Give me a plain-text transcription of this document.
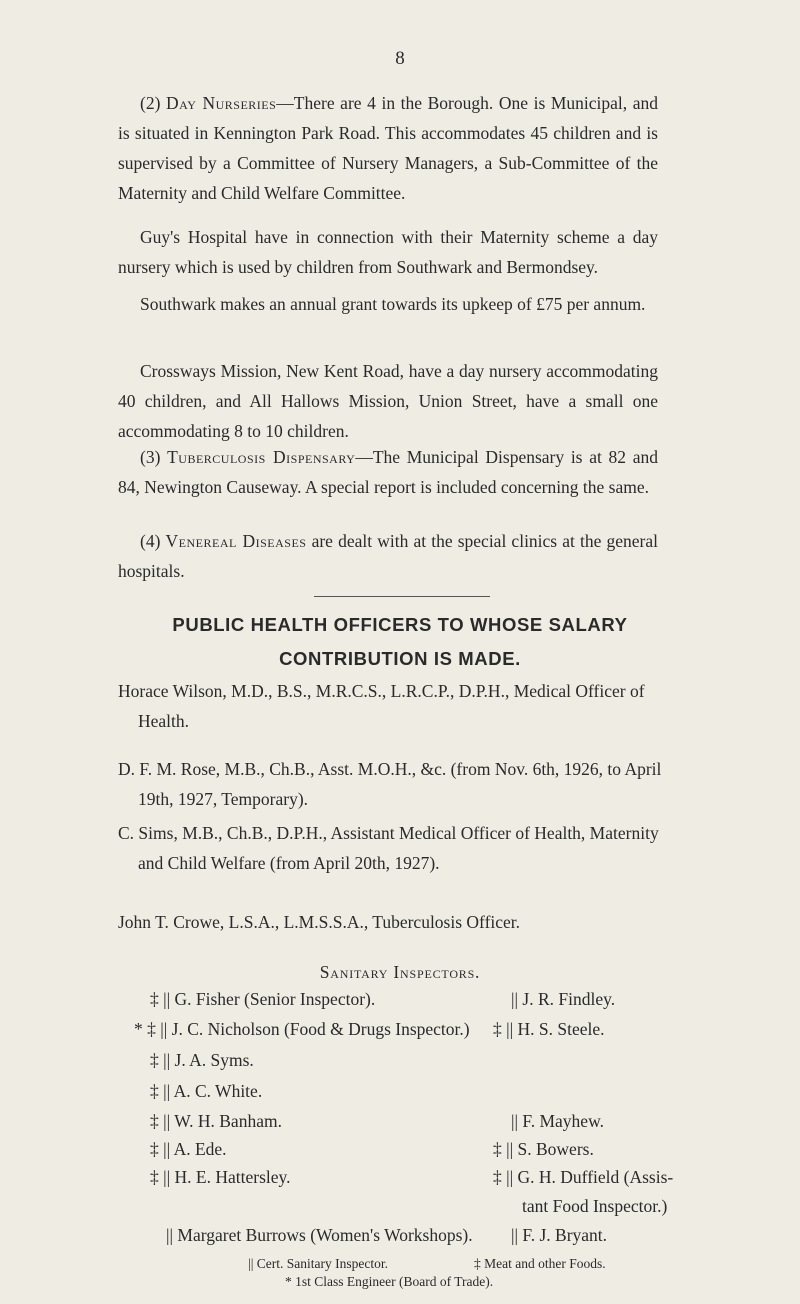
8
(2) Day Nurseries—There are 4 in the Borough. One is Municipal, and is situated in Kennington Park Road. This accommodates 45 children and is supervised by a Committee of Nursery Managers, a Sub-Committee of the Maternity and Child Welfare Committee.
Guy's Hospital have in connection with their Maternity scheme a day nursery which is used by children from Southwark and Bermondsey.
Southwark makes an annual grant towards its upkeep of £75 per annum.
Crossways Mission, New Kent Road, have a day nursery accommodating 40 children, and All Hallows Mission, Union Street, have a small one accommodating 8 to 10 children.
(3) Tuberculosis Dispensary—The Municipal Dispensary is at 82 and 84, Newington Causeway. A special report is included concerning the same.
(4) Venereal Diseases are dealt with at the special clinics at the general hospitals.
PUBLIC HEALTH OFFICERS TO WHOSE SALARY
CONTRIBUTION IS MADE.
Horace Wilson, M.D., B.S., M.R.C.S., L.R.C.P., D.P.H., Medical Officer of Health.
D. F. M. Rose, M.B., Ch.B., Asst. M.O.H., &c. (from Nov. 6th, 1926, to April 19th, 1927, Temporary).
C. Sims, M.B., Ch.B., D.P.H., Assistant Medical Officer of Health, Maternity and Child Welfare (from April 20th, 1927).
John T. Crowe, L.S.A., L.M.S.S.A., Tuberculosis Officer.
Sanitary Inspectors.
‡ || G. Fisher (Senior Inspector).
* ‡ || J. C. Nicholson (Food & Drugs Inspector.)
‡ || J. A. Syms.
‡ || A. C. White.
‡ || W. H. Banham.
‡ || A. Ede.
‡ || H. E. Hattersley.
|| Margaret Burrows (Women's Workshops).
|| J. R. Findley.
‡ || H. S. Steele.
|| F. Mayhew.
‡ || S. Bowers.
‡ || G. H. Duffield (Assis-
tant Food Inspector.)
|| F. J. Bryant.
|| Cert. Sanitary Inspector.	‡ Meat and other Foods.
* 1st Class Engineer (Board of Trade).
